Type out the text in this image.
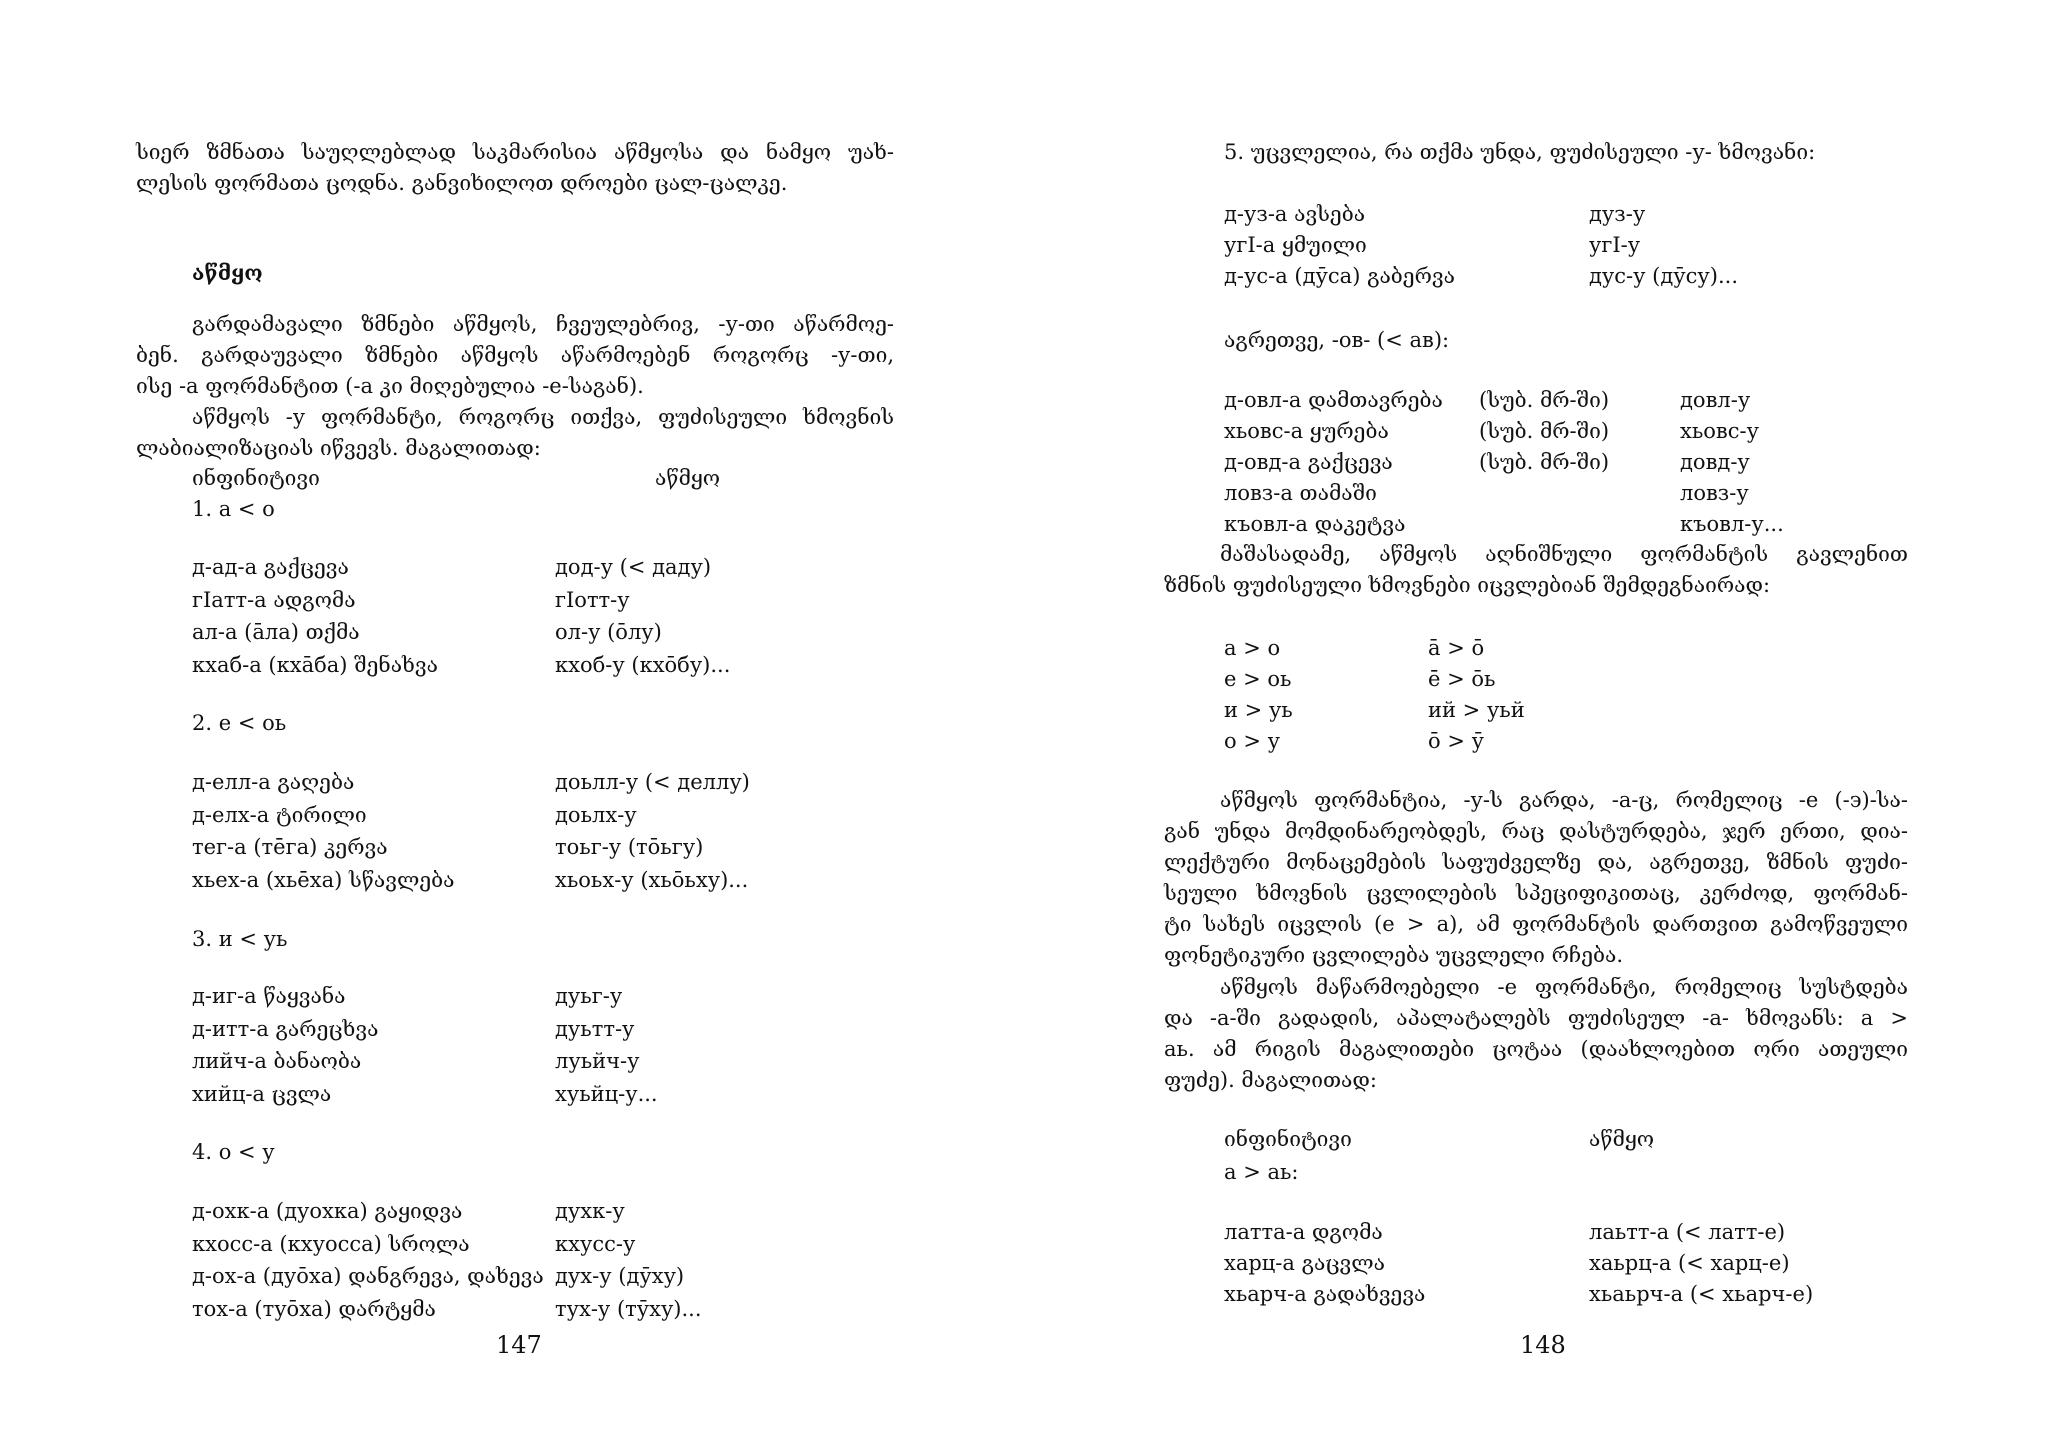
სიერ ზმნათა საუღლებლად საკმარისია აწმყოსა და ნამყო უახ-
ლესის ფორმათა ცოდნა. განვიხილოთ დროები ცალ-ცალკე.
აწმყო
გარდამავალი ზმნები აწმყოს, ჩვეულებრივ, -у-თი აწარმოე-
ბენ. გარდაუვალი ზმნები აწმყოს აწარმოებენ როგორც -у-თი,
ისე -а ფორმანტით (-а კი მიღებულია -е-საგან).
აწმყოს -у ფორმანტი, როგორც ითქვა, ფუძისეული ხმოვნის
ლაბიალიზაციას იწვევს. მაგალითად:
ინფინიტივი	აწმყო
1. а < о
д-ад-а გაქცევა	дод-у (< даду)
гІатт-а ადგომა	гІотт-у
ал-а (āла) თქმა	ол-у (ōлу)
кхаб-а (кхāба) შენახვა	кхоб-у (кхōбу)...
2. е < оь
д-елл-а გაღება	доьлл-у (< деллу)
д-елх-а ტირილი	доьлх-у
тег-а (тēга) კერვა	тоьг-у (тōьгу)
хьех-а (хьēха) სწავლება	хьоьх-у (хьōьху)...
3. и < уь
д-иг-а წაყვანა	дуьг-у
д-итт-а გარეცხვა	дуьтт-у
лийч-а ბანაობა	луьйч-у
хийц-а ცვლა	хуьйц-у...
4. о < у
д-охк-а (дуохка) გაყიდვა	духк-у
кхосс-а (кхуосса) სროლა	кхусс-у
д-ох-а (дуōха) დანგრევა, დახევა дух-у (дӯху)
тох-а (туōха) დარტყმა	тух-у (тӯху)...
147
5. უცვლელია, რა თქმა უნდა, ფუძისეული -у- ხმოვანი:
д-уз-а ავსება	дуз-у
угI-а ყმუილი	угI-у
д-ус-а (дӯса) გაბერვა	дус-у (дӯсу)...
აგრეთვე, -ов- (< ав):
д-овл-а დამთავრება (სუბ. მრ-ში)	довл-у
хьовс-а ყურება	(სუბ. მრ-ში)	хьовс-у
д-овд-а გაქცევა	(სუბ. მრ-ში)	довд-у
ловз-а თამაში	ловз-у
къовл-а დაკეტვა	къовл-у...
მაშასადამე, აწმყოს აღნიშნული ფორმანტის გავლენით
ზმნის ფუძისეული ხმოვნები იცვლებიან შემდეგნაირად:
а > о	ā > ō
е > оь	ē > ōь
и > уь	ий > уьй
о > у	ō > ӯ
აწმყოს ფორმანტია, -у-ს გარდა, -а-ც, რომელიც -е (-э)-სა-
გან უნდა მომდინარეობდეს, რაც დასტურდება, ჯერ ერთი, დია-
ლექტური მონაცემების საფუძველზე და, აგრეთვე, ზმნის ფუძი-
სეული ხმოვნის ცვლილების სპეციფიკითაც, კერძოდ, ფორმან-
ტი სახეს იცვლის (е > а), ამ ფორმანტის დართვით გამოწვეული
ფონეტიკური ცვლილება უცვლელი რჩება.
აწმყოს მაწარმოებელი -е ფორმანტი, რომელიც სუსტდება
და -а-ში გადადის, აპალატალებს ფუძისეულ -а- ხმოვანს: а >
аь. ამ რიგის მაგალითები ცოტაა (დაახლოებით ორი ათეული
ფუძე). მაგალითად:
ინფინიტივი	აწმყო
а > аь:
латта-а დგომა	лаьтт-а (< латт-е)
харц-а გაცვლა	хаьрц-а (< харц-е)
хьарч-а გადახვევა	хьаьрч-а (< хьарч-е)
148
